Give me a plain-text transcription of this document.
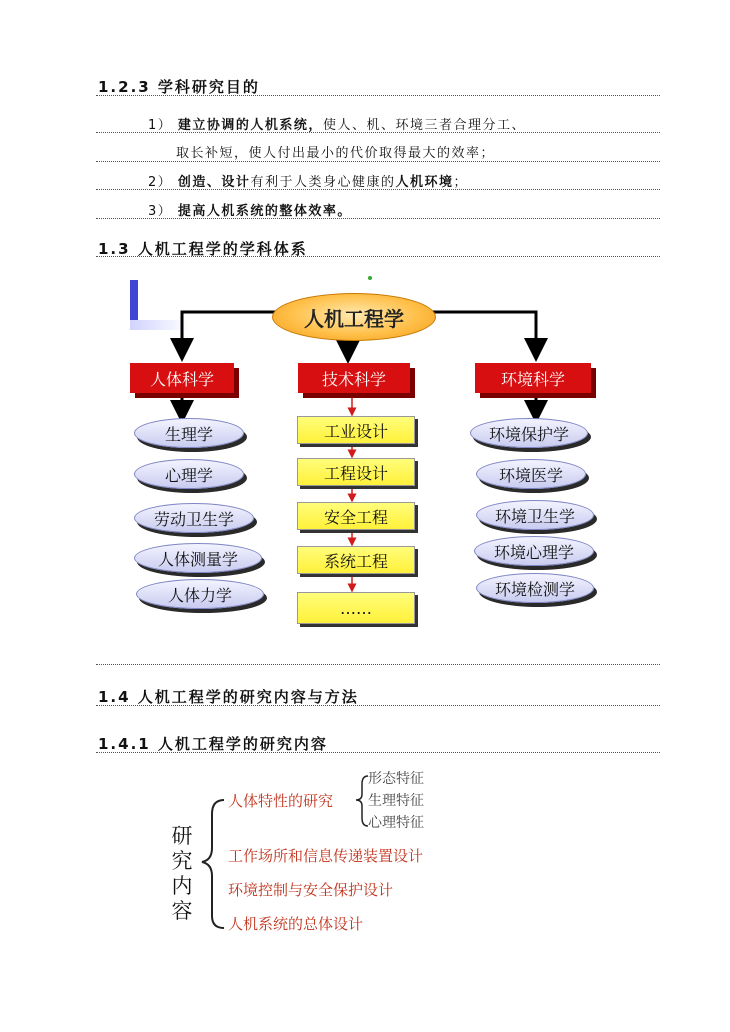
1.2.3 学科研究目的
1） 建立协调的人机系统，使人、机、环境三者合理分工、
取长补短，使人付出最小的代价取得最大的效率；
2） 创造、设计有利于人类身心健康的人机环境；
3） 提高人机系统的整体效率。
1.3 人机工程学的学科体系
人机工程学
人体科学	技术科学	环境科学
生理学
心理学
劳动卫生学
人体测量学
人体力学
工业设计
工程设计
安全工程
系统工程
……
环境保护学
环境医学
环境卫生学
环境心理学
环境检测学
1.4 人机工程学的研究内容与方法
1.4.1 人机工程学的研究内容
研
究
内
容
人体特性的研究
形态特征
生理特征
心理特征
工作场所和信息传递装置设计
环境控制与安全保护设计
人机系统的总体设计
